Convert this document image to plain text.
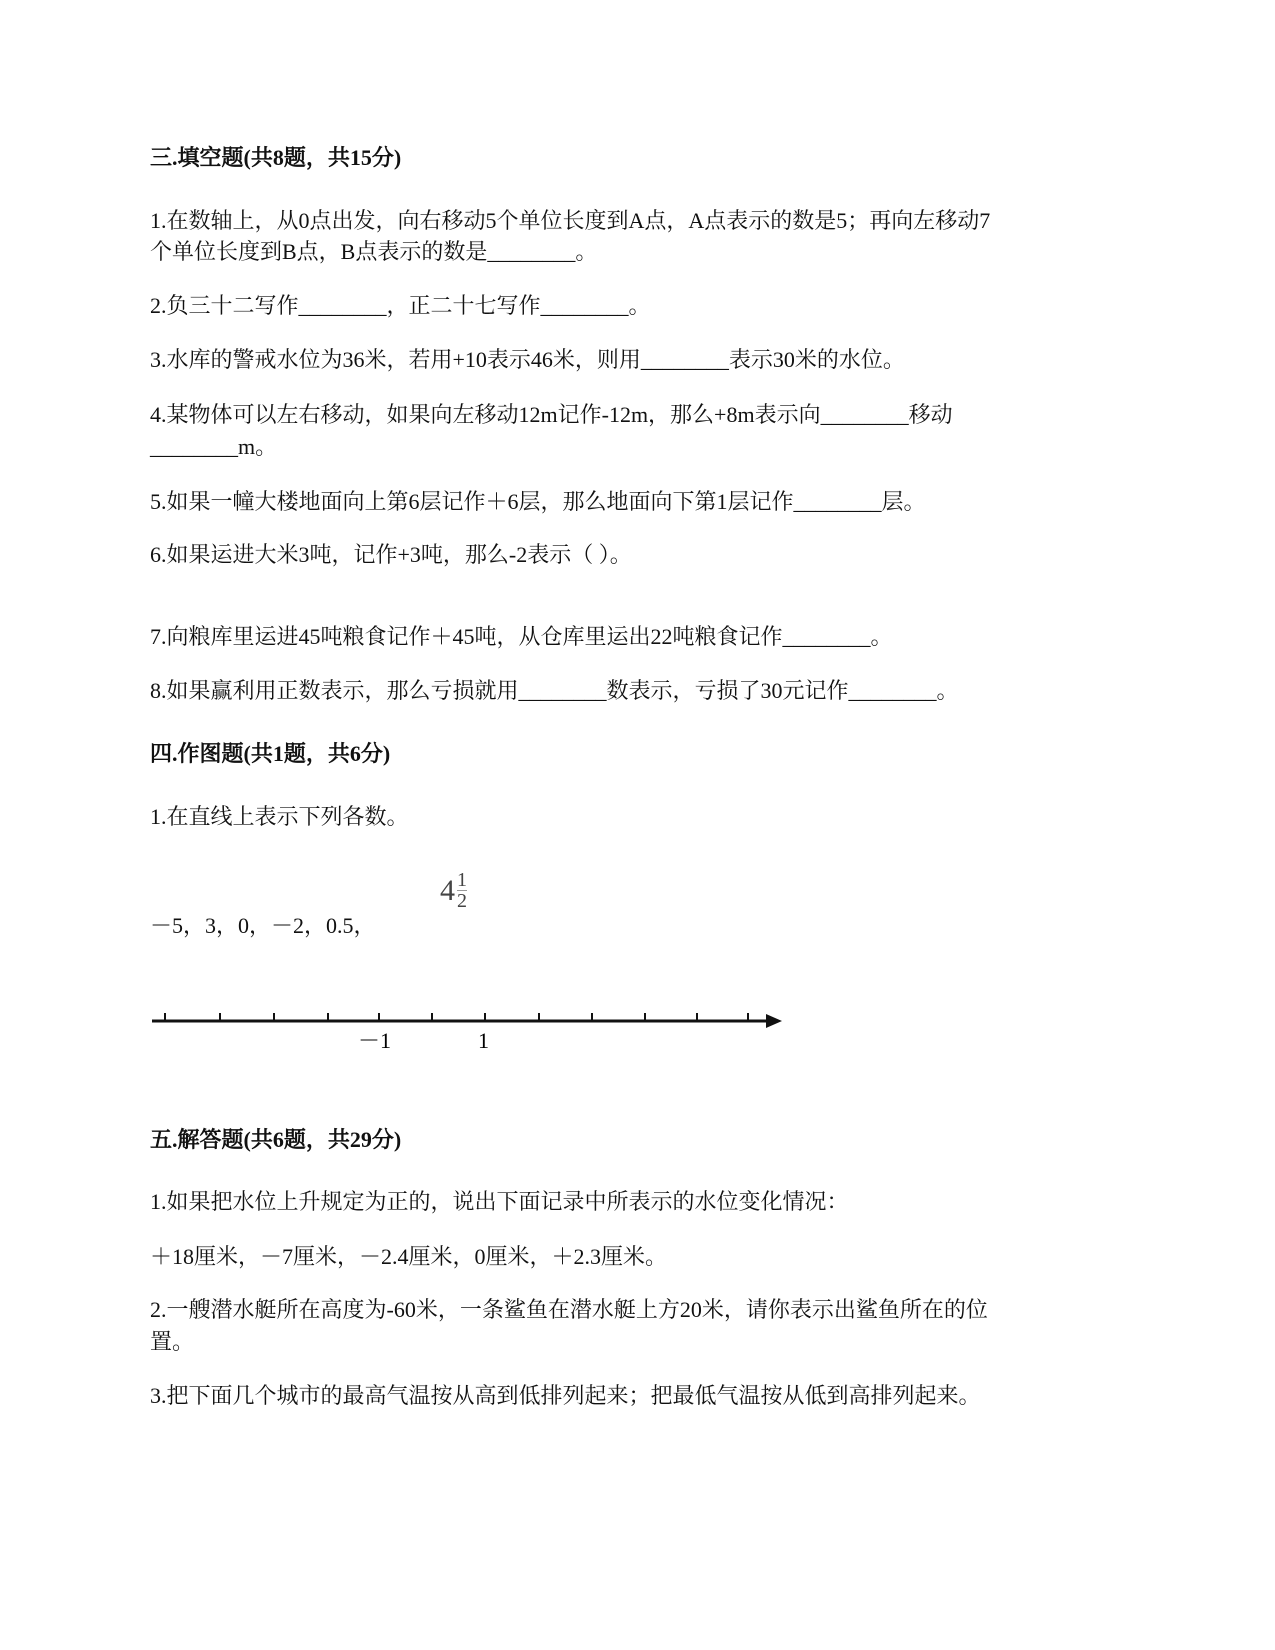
三.填空题(共8题，共15分)
1.在数轴上，从0点出发，向右移动5个单位长度到A点，A点表示的数是5；再向左移动7
个单位长度到B点，B点表示的数是________。
2.负三十二写作________，正二十七写作________。
3.水库的警戒水位为36米，若用+10表示46米，则用________表示30米的水位。
4.某物体可以左右移动，如果向左移动12m记作-12m，那么+8m表示向________移动
________m。
5.如果一幢大楼地面向上第6层记作＋6层，那么地面向下第1层记作________层。
6.如果运进大米3吨，记作+3吨，那么-2表示（ ）。
7.向粮库里运进45吨粮食记作＋45吨，从仓库里运出22吨粮食记作________。
8.如果赢利用正数表示，那么亏损就用________数表示，亏损了30元记作________。
四.作图题(共1题，共6分)
1.在直线上表示下列各数。
－5，3，0，－2，0.5，
$4 \frac{1}{2}$
－1	1
五.解答题(共6题，共29分)
1.如果把水位上升规定为正的，说出下面记录中所表示的水位变化情况：
＋18厘米，－7厘米，－2.4厘米，0厘米，＋2.3厘米。
2.一艘潜水艇所在高度为-60米，一条鲨鱼在潜水艇上方20米，请你表示出鲨鱼所在的位
置。
3.把下面几个城市的最高气温按从高到低排列起来；把最低气温按从低到高排列起来。
